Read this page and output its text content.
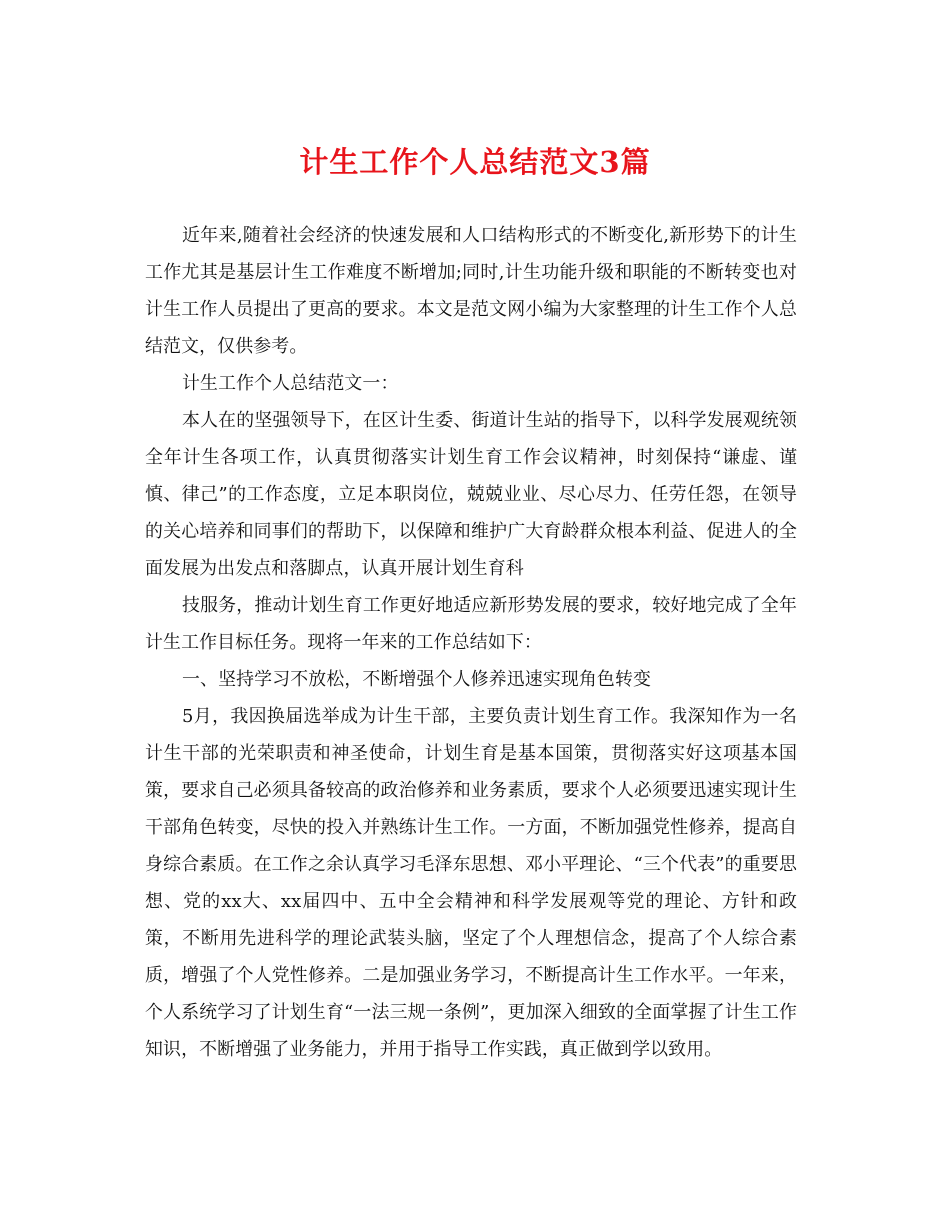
计生工作个人总结范文3篇

近年来,随着社会经济的快速发展和人口结构形式的不断变化,新形势下的计生工作尤其是基层计生工作难度不断增加;同时,计生功能升级和职能的不断转变也对计生工作人员提出了更高的要求。本文是范文网小编为大家整理的计生工作个人总结范文，仅供参考。

计生工作个人总结范文一：

本人在的坚强领导下，在区计生委、街道计生站的指导下，以科学发展观统领全年计生各项工作，认真贯彻落实计划生育工作会议精神，时刻保持“谦虚、谨慎、律己”的工作态度，立足本职岗位，兢兢业业、尽心尽力、任劳任怨，在领导的关心培养和同事们的帮助下，以保障和维护广大育龄群众根本利益、促进人的全面发展为出发点和落脚点，认真开展计划生育科

技服务，推动计划生育工作更好地适应新形势发展的要求，较好地完成了全年计生工作目标任务。现将一年来的工作总结如下：

一、坚持学习不放松，不断增强个人修养迅速实现角色转变

5月，我因换届选举成为计生干部，主要负责计划生育工作。我深知作为一名计生干部的光荣职责和神圣使命，计划生育是基本国策，贯彻落实好这项基本国策，要求自己必须具备较高的政治修养和业务素质，要求个人必须要迅速实现计生干部角色转变，尽快的投入并熟练计生工作。一方面，不断加强党性修养，提高自身综合素质。在工作之余认真学习毛泽东思想、邓小平理论、“三个代表”的重要思想、党的xx大、xx届四中、五中全会精神和科学发展观等党的理论、方针和政策，不断用先进科学的理论武装头脑，坚定了个人理想信念，提高了个人综合素质，增强了个人党性修养。二是加强业务学习，不断提高计生工作水平。一年来，个人系统学习了计划生育“一法三规一条例”，更加深入细致的全面掌握了计生工作知识，不断增强了业务能力，并用于指导工作实践，真正做到学以致用。
